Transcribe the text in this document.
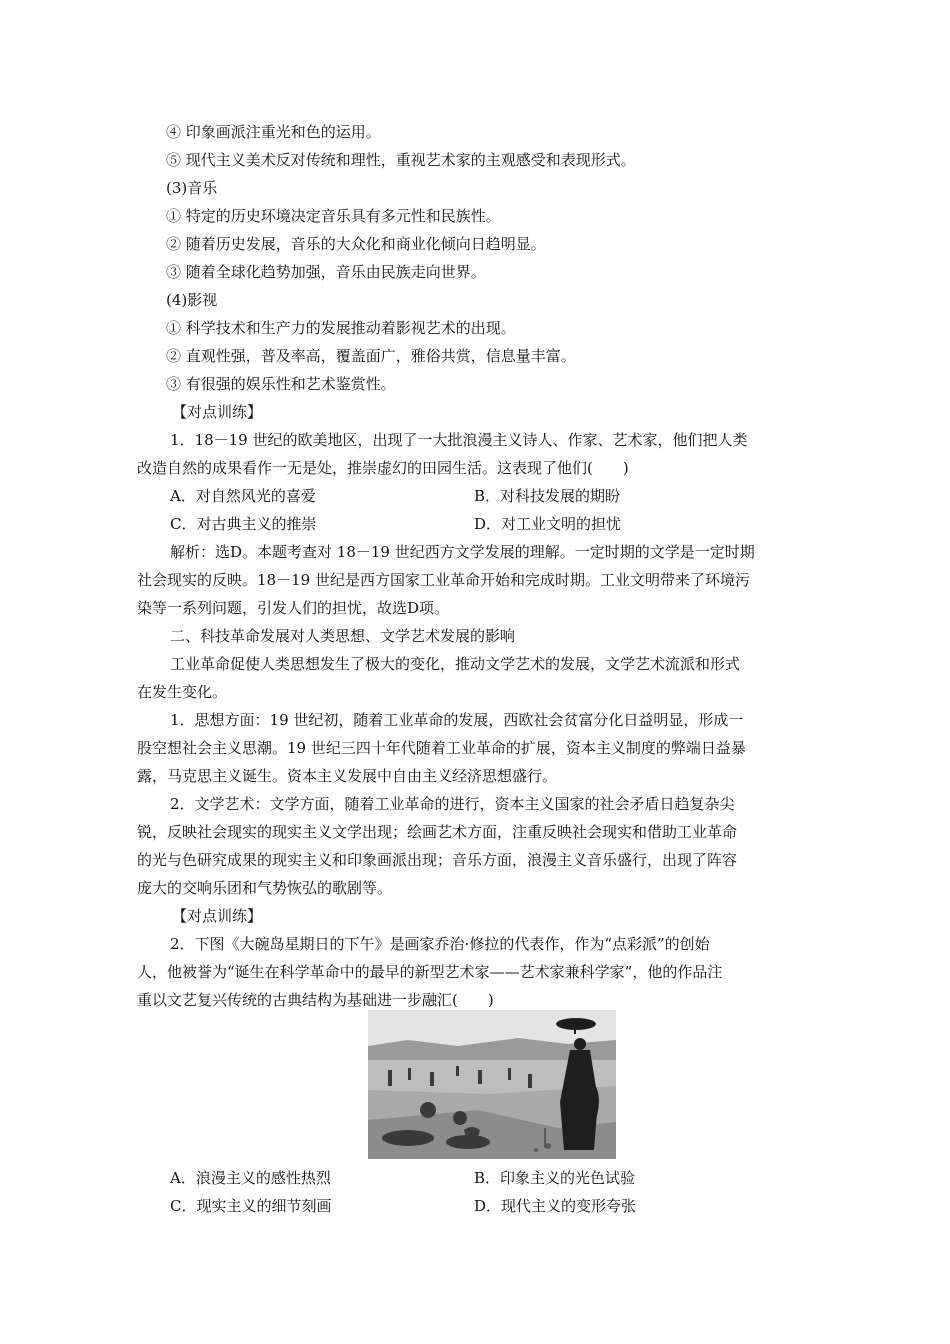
④ 印象画派注重光和色的运用。
⑤ 现代主义美术反对传统和理性，重视艺术家的主观感受和表现形式。
(3)音乐
① 特定的历史环境决定音乐具有多元性和民族性。
② 随着历史发展，音乐的大众化和商业化倾向日趋明显。
③ 随着全球化趋势加强，音乐由民族走向世界。
(4)影视
① 科学技术和生产力的发展推动着影视艺术的出现。
② 直观性强，普及率高，覆盖面广，雅俗共赏，信息量丰富。
③ 有很强的娱乐性和艺术鉴赏性。
【对点训练】
1．18－19 世纪的欧美地区，出现了一大批浪漫主义诗人、作家、艺术家，他们把人类
改造自然的成果看作一无是处，推崇虚幻的田园生活。这表现了他们(　　)
A．对自然风光的喜爱	B．对科技发展的期盼
C．对古典主义的推崇	D．对工业文明的担忧
解析：选D。本题考查对 18－19 世纪西方文学发展的理解。一定时期的文学是一定时期
社会现实的反映。18－19 世纪是西方国家工业革命开始和完成时期。工业文明带来了环境污
染等一系列问题，引发人们的担忧，故选D项。
二、科技革命发展对人类思想、文学艺术发展的影响
工业革命促使人类思想发生了极大的变化，推动文学艺术的发展，文学艺术流派和形式
在发生变化。
1．思想方面：19 世纪初，随着工业革命的发展，西欧社会贫富分化日益明显，形成一
股空想社会主义思潮。19 世纪三四十年代随着工业革命的扩展，资本主义制度的弊端日益暴
露，马克思主义诞生。资本主义发展中自由主义经济思想盛行。
2．文学艺术：文学方面，随着工业革命的进行，资本主义国家的社会矛盾日趋复杂尖
锐，反映社会现实的现实主义文学出现；绘画艺术方面，注重反映社会现实和借助工业革命
的光与色研究成果的现实主义和印象画派出现；音乐方面，浪漫主义音乐盛行，出现了阵容
庞大的交响乐团和气势恢弘的歌剧等。
【对点训练】
2．下图《大碗岛星期日的下午》是画家乔治·修拉的代表作，作为“点彩派”的创始
人，他被誉为“诞生在科学革命中的最早的新型艺术家——艺术家兼科学家”，他的作品注
重以文艺复兴传统的古典结构为基础进一步融汇(　　)
A．浪漫主义的感性热烈	B．印象主义的光色试验
C．现实主义的细节刻画	D．现代主义的变形夸张
